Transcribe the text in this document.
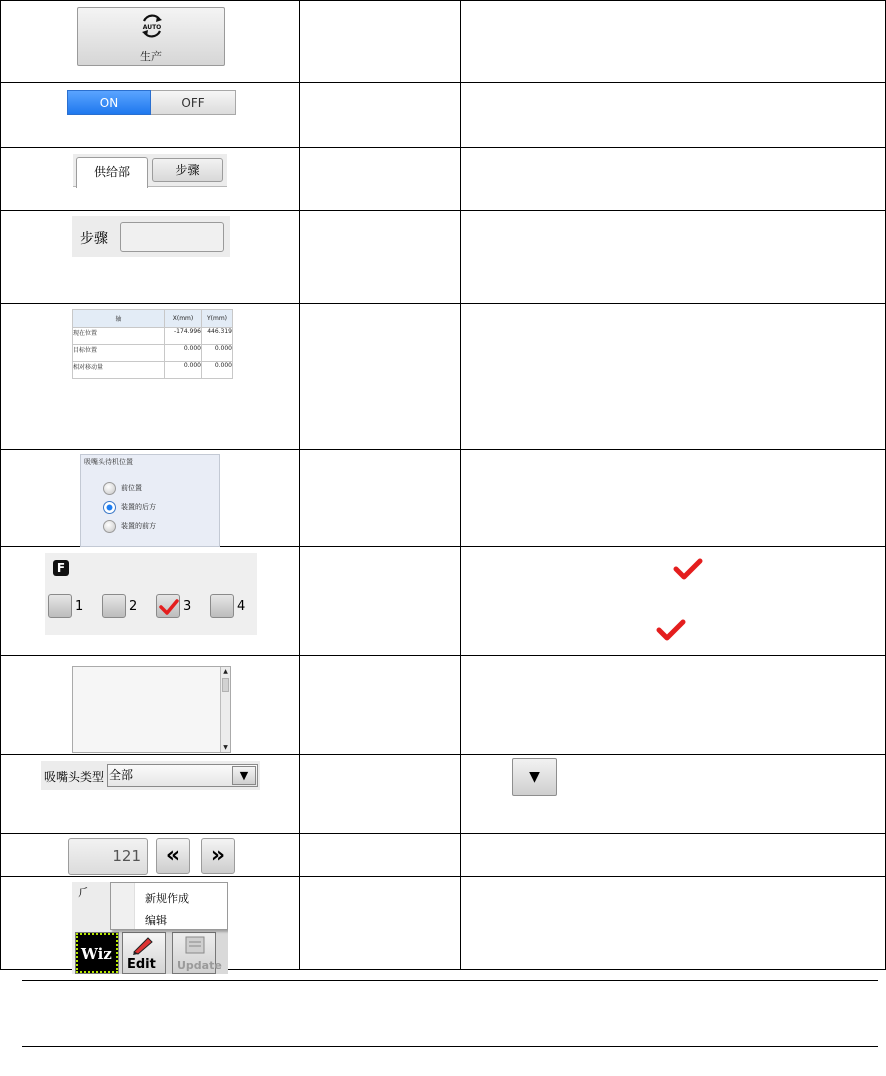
AUTO
生产

ON	OFF

供给部	步骤

步骤

轴	X(mm)	Y(mm)
现在位置	-174.996	446.319
目标位置	0.000	0.000
相对移动量	0.000	0.000

吸嘴头待机位置
前位置
装置的后方
装置的前方

F
1	2	3	4

▲
▼

吸嘴头类型 全部	▼		▼

121	«	»

⺁
Wiz
Edit Update
新规作成
编辑
